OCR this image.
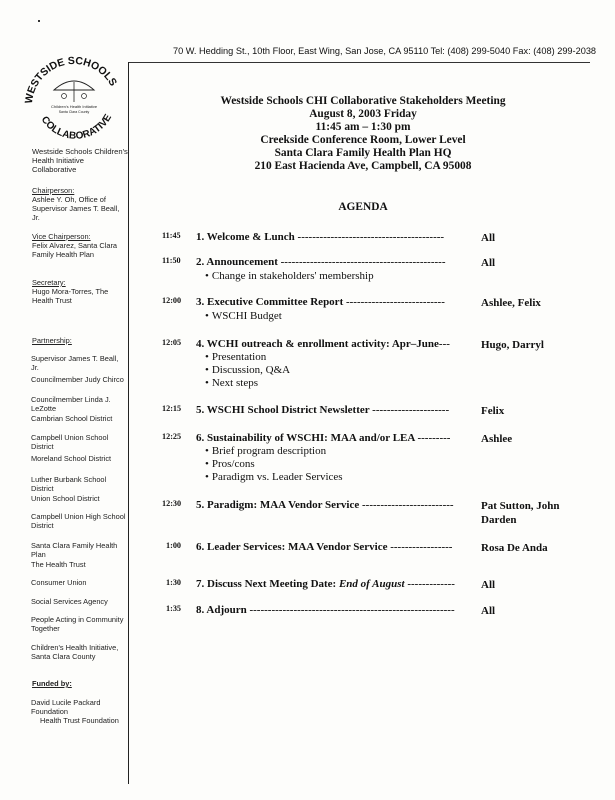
70 W. Hedding St., 10th Floor, East Wing, San Jose, CA 95110 Tel: (408) 299-5040 Fax: (408) 299-2038
WESTSIDE SCHOOLS
COLLABORATIVE
Children's Health Initiative
Santa Clara County
Westside Schools Children's Health Initiative Collaborative
Chairperson:
Ashlee Y. Oh, Office of Supervisor James T. Beall, Jr.
Vice Chairperson:
Felix Alvarez, Santa Clara Family Health Plan
Secretary:
Hugo Mora-Torres, The Health Trust
Partnership:
Supervisor James T. Beall, Jr.
Councilmember Judy Chirco
Councilmember Linda J. LeZotte
Cambrian School District
Campbell Union School District
Moreland School District
Luther Burbank School District
Union School District
Campbell Union High School District
Santa Clara Family Health Plan
The Health Trust
Consumer Union
Social Services Agency
People Acting in Community Together
Children's Health Initiative, Santa Clara County
Funded by:
David Lucile Packard Foundation
Health Trust Foundation
Westside Schools CHI Collaborative Stakeholders Meeting
August 8, 2003 Friday
11:45 am – 1:30 pm
Creekside Conference Room, Lower Level
Santa Clara Family Health Plan HQ
210 East Hacienda Ave, Campbell, CA 95008
AGENDA
11:45 1. Welcome & Lunch ----------------------------------------	All
11:50 2. Announcement ---------------------------------------------	All
• Change in stakeholders' membership
12:00 3. Executive Committee Report ---------------------------	Ashlee, Felix
• WSCHI Budget
12:05 4. WCHI outreach & enrollment activity: Apr–June---	Hugo, Darryl
• Presentation
• Discussion, Q&A
• Next steps
12:15 5. WSCHI School District Newsletter ---------------------	Felix
12:25 6. Sustainability of WSCHI: MAA and/or LEA ---------	Ashlee
• Brief program description
• Pros/cons
• Paradigm vs. Leader Services
12:30 5. Paradigm: MAA Vendor Service ------------------------- Pat Sutton, John Darden
1:00 6. Leader Services: MAA Vendor Service -----------------	Rosa De Anda
1:30 7. Discuss Next Meeting Date: End of August ------------- All
1:35 8. Adjourn -------------------------------------------------------- All
